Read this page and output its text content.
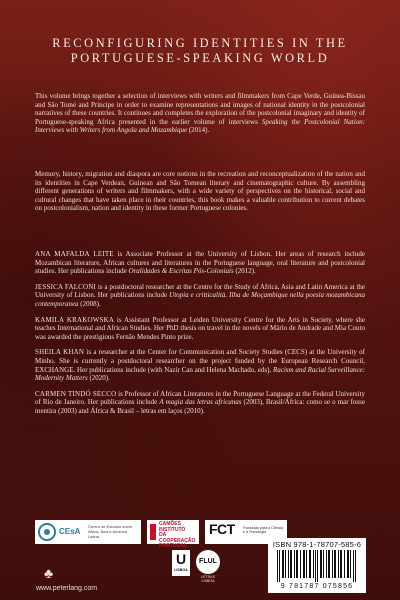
RECONFIGURING IDENTITIES IN THE
PORTUGUESE-SPEAKING WORLD

This volume brings together a selection of interviews with writers and filmmakers from Cape Verde, Guinea-Bissau and São Tomé and Príncipe in order to examine representations and images of national identity in the postcolonial narratives of these countries. It continues and completes the exploration of the postcolonial imaginary and identity of Portuguese-speaking Africa presented in the earlier volume of interviews Speaking the Postcolonial Nation: Interviews with Writers from Angola and Mozambique (2014).

Memory, history, migration and diaspora are core notions in the recreation and reconceptualization of the nation and its identities in Cape Verdean, Guinean and São Tomean literary and cinematographic culture. By assembling different generations of writers and filmmakers, with a wide variety of perspectives on the historical, social and cultural changes that have taken place in their countries, this book makes a valuable contribution to current debates on postcolonialism, nation and identity in these former Portuguese colonies.

ANA MAFALDA LEITE is Associate Professor at the University of Lisbon. Her areas of research include Mozambican literature, African cultures and literatures in the Portuguese language, oral literature and postcolonial studies. Her publications include Oralidades & Escritas Pós-Coloniais (2012).

JESSICA FALCONI is a postdoctoral researcher at the Centre for the Study of Africa, Asia and Latin America at the University of Lisbon. Her publications include Utopia e critticalità. Ilha de Moçambique nella poesia mozambicana contemporanea (2008).

KAMILA KRAKOWSKA is Assistant Professor at Leiden University Centre for the Arts in Society, where she teaches International and African Studies. Her PhD thesis on travel in the novels of Mário de Andrade and Mia Couto was awarded the prestigious Fernão Mendes Pinto prize.

SHEILA KHAN is a researcher at the Center for Communication and Society Studies (CECS) at the University of Minho. She is currently a postdoctoral researcher on the project funded by the European Research Council, EXCHANGE. Her publications include (with Nazir Can and Helena Machado, eds), Racism and Racial Surveillance: Modernity Matters (2020).

CARMEN TINDÓ SECCO is Professor of African Literatures in the Portuguese Language at the Federal University of Rio de Janeiro. Her publications include A magia das letras africanas (2003), Brasil/África: como se o mar fosse mentira (2003) and África & Brasil – letras em laços (2010).

CEsA
Centro de Estudos sobre África, Ásia e América Latina
CAMÕES
INSTITUTO
DA COOPERAÇÃO
PORTUGAL
FCT Fundação para a Ciência e a Tecnologia
U
LISBOA
FLUL
LETRAS LISBOA
ISBN 978-1-78707-585-6
9 781787 075856
♣
www.peterlang.com
